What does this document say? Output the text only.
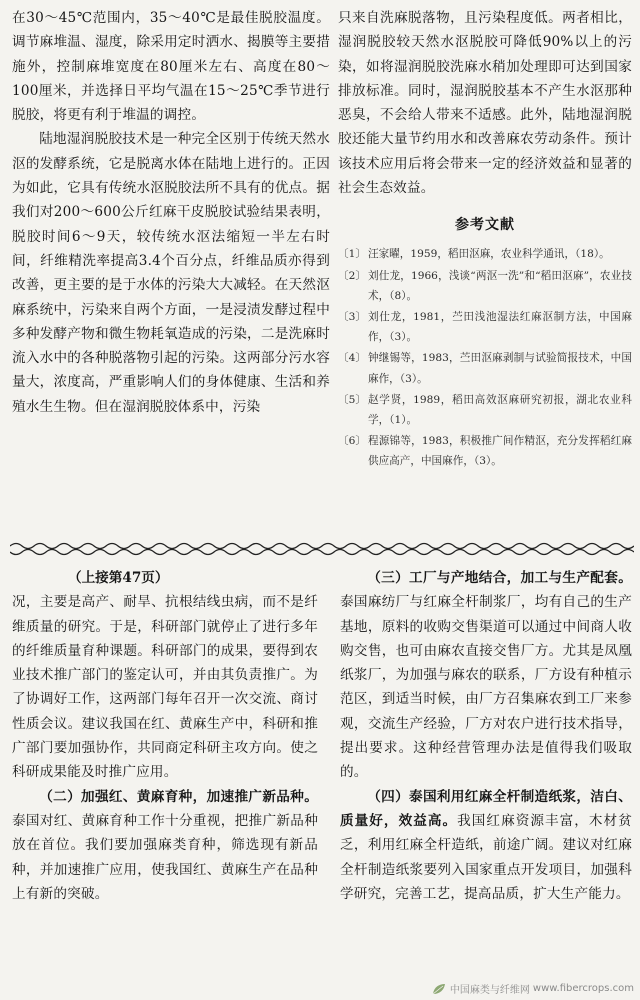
在30～45℃范围内，35～40℃是最佳脱胶温度。调节麻堆温、湿度，除采用定时洒水、揭膜等主要措施外，控制麻堆宽度在80厘米左右、高度在80～100厘米，并选择日平均气温在15～25℃季节进行脱胶，将更有利于堆温的调控。

陆地湿润脱胶技术是一种完全区别于传统天然水沤的发酵系统，它是脱离水体在陆地上进行的。正因为如此，它具有传统水沤脱胶法所不具有的优点。据我们对200～600公斤红麻干皮脱胶试验结果表明，脱胶时间6～9天，较传统水沤法缩短一半左右时间，纤维精洗率提高3.4个百分点，纤维品质亦得到改善，更主要的是于水体的污染大大减轻。在天然沤麻系统中，污染来自两个方面，一是浸渍发酵过程中多种发酵产物和微生物耗氧造成的污染，二是洗麻时流入水中的各种脱落物引起的污染。这两部分污水容量大，浓度高，严重影响人们的身体健康、生活和养殖水生生物。但在湿润脱胶体系中，污染

只来自洗麻脱落物，且污染程度低。两者相比，湿润脱胶较天然水沤脱胶可降低90%以上的污染，如将湿润脱胶洗麻水稍加处理即可达到国家排放标准。同时，湿润脱胶基本不产生水沤那种恶臭，不会给人带来不适感。此外，陆地湿润脱胶还能大量节约用水和改善麻农劳动条件。预计该技术应用后将会带来一定的经济效益和显著的社会生态效益。

参考文献
〔1〕 汪家曜，1959，稻田沤麻，农业科学通讯，（18）。
〔2〕 刘仕龙，1966，浅谈“两沤一洗”和“稻田沤麻”，农业技术，（8）。
〔3〕 刘仕龙，1981，苎田浅池湿法红麻沤制方法，中国麻作，（3）。
〔4〕 钟继锡等，1983，苎田沤麻剥制与试验简报技术，中国麻作，（3）。
〔5〕 赵学贤，1989，稻田高效沤麻研究初报，湖北农业科学，（1）。
〔6〕 程源锦等，1983，积极推广间作精沤，充分发挥稻红麻供应高产，中国麻作，（3）。
（上接第47页）

况，主要是高产、耐旱、抗根结线虫病，而不是纤维质量的研究。于是，科研部门就停止了进行多年的纤维质量育种课题。科研部门的成果，要得到农业技术推广部门的鉴定认可，并由其负责推广。为了协调好工作，这两部门每年召开一次交流、商讨性质会议。建议我国在红、黄麻生产中，科研和推广部门要加强协作，共同商定科研主攻方向。使之科研成果能及时推广应用。

（二）加强红、黄麻育种，加速推广新品种。泰国对红、黄麻育种工作十分重视，把推广新品种放在首位。我们要加强麻类育种，筛选现有新品种，并加速推广应用，使我国红、黄麻生产在品种上有新的突破。

（三）工厂与产地结合，加工与生产配套。泰国麻纺厂与红麻全杆制浆厂，均有自己的生产基地，原料的收购交售渠道可以通过中间商人收购交售，也可由麻农直接交售厂方。尤其是凤凰纸浆厂，为加强与麻农的联系，厂方设有种植示范区，到适当时候，由厂方召集麻农到工厂来参观，交流生产经验，厂方对农户进行技术指导，提出要求。这种经营管理办法是值得我们吸取的。

（四）泰国利用红麻全杆制造纸浆，洁白、质量好，效益高。我国红麻资源丰富，木材贫乏，利用红麻全杆造纸，前途广阔。建议对红麻全杆制造纸浆要列入国家重点开发项目，加强科学研究，完善工艺，提高品质，扩大生产能力。

中国麻类与纤维网 www.fibercrops.com
